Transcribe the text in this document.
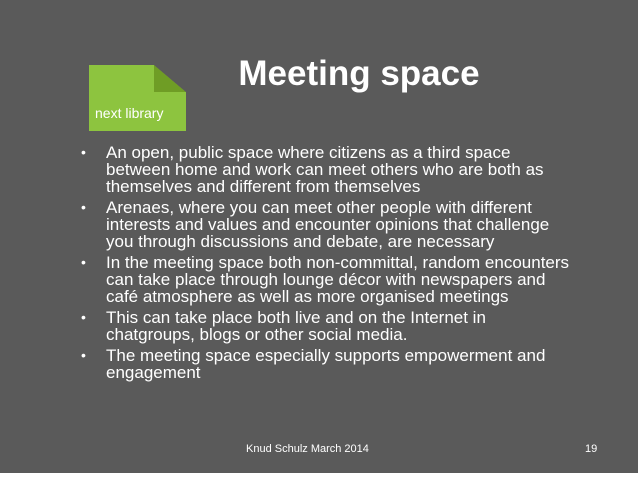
next library
Meeting space
• An open, public space where citizens as a third space
between home and work can meet others who are both as
themselves and different from themselves
• Arenaes, where you can meet other people with different
interests and values and encounter opinions that challenge
you through discussions and debate, are necessary
• In the meeting space both non-committal, random encounters
can take place through lounge décor with newspapers and
café atmosphere as well as more organised meetings
• This can take place both live and on the Internet in
chatgroups, blogs or other social media.
• The meeting space especially supports empowerment and
engagement
Knud Schulz March 2014	19
